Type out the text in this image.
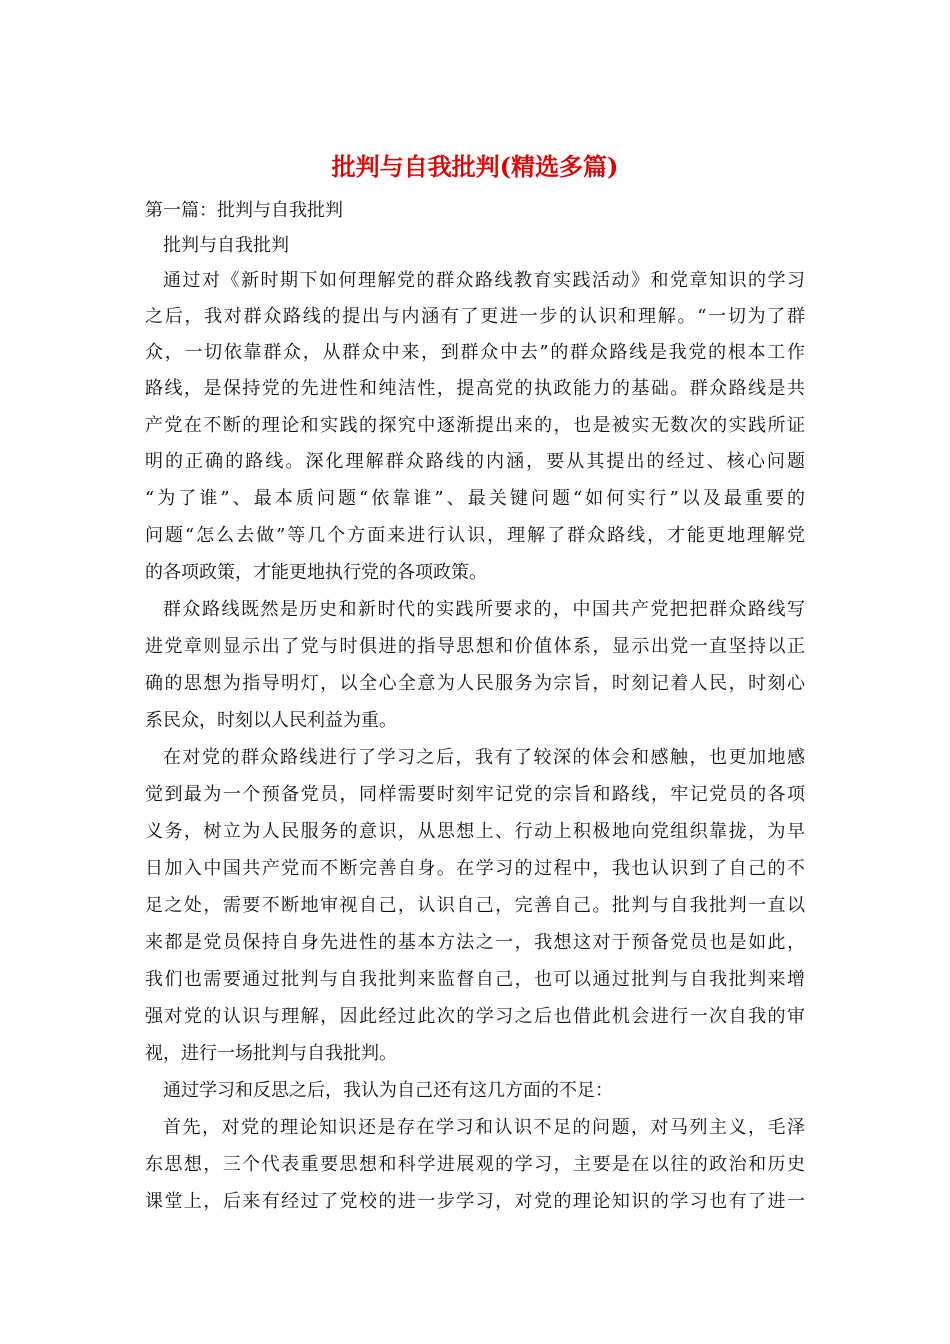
批判与自我批判(精选多篇)

第一篇：批判与自我批判

批判与自我批判

通过对《新时期下如何理解党的群众路线教育实践活动》和党章知识的学习

之后，我对群众路线的提出与内涵有了更进一步的认识和理解。“一切为了群

众，一切依靠群众，从群众中来，到群众中去”的群众路线是我党的根本工作

路线，是保持党的先进性和纯洁性，提高党的执政能力的基础。群众路线是共

产党在不断的理论和实践的探究中逐渐提出来的，也是被实无数次的实践所证

明的正确的路线。深化理解群众路线的内涵，要从其提出的经过、核心问题

“为了谁”、最本质问题“依靠谁”、最关键问题“如何实行”以及最重要的

问题“怎么去做”等几个方面来进行认识，理解了群众路线，才能更地理解党

的各项政策，才能更地执行党的各项政策。

群众路线既然是历史和新时代的实践所要求的，中国共产党把把群众路线写

进党章则显示出了党与时俱进的指导思想和价值体系，显示出党一直坚持以正

确的思想为指导明灯，以全心全意为人民服务为宗旨，时刻记着人民，时刻心

系民众，时刻以人民利益为重。

在对党的群众路线进行了学习之后，我有了较深的体会和感触，也更加地感

觉到最为一个预备党员，同样需要时刻牢记党的宗旨和路线，牢记党员的各项

义务，树立为人民服务的意识，从思想上、行动上积极地向党组织靠拢，为早

日加入中国共产党而不断完善自身。在学习的过程中，我也认识到了自己的不

足之处，需要不断地审视自己，认识自己，完善自己。批判与自我批判一直以

来都是党员保持自身先进性的基本方法之一，我想这对于预备党员也是如此，

我们也需要通过批判与自我批判来监督自己，也可以通过批判与自我批判来增

强对党的认识与理解，因此经过此次的学习之后也借此机会进行一次自我的审

视，进行一场批判与自我批判。

通过学习和反思之后，我认为自己还有这几方面的不足：

首先，对党的理论知识还是存在学习和认识不足的问题，对马列主义，毛泽

东思想，三个代表重要思想和科学进展观的学习，主要是在以往的政治和历史

课堂上，后来有经过了党校的进一步学习，对党的理论知识的学习也有了进一
